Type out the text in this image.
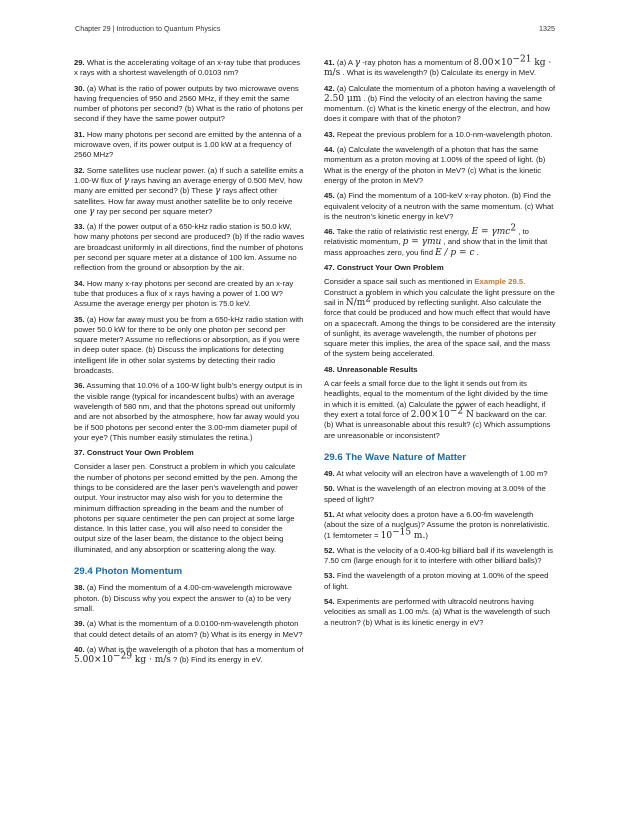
Chapter 29 | Introduction to Quantum Physics	1325

29. What is the accelerating voltage of an x-ray tube that produces x rays with a shortest wavelength of 0.0103 nm?

30. (a) What is the ratio of power outputs by two microwave ovens having frequencies of 950 and 2560 MHz, if they emit the same number of photons per second? (b) What is the ratio of photons per second if they have the same power output?

31. How many photons per second are emitted by the antenna of a microwave oven, if its power output is 1.00 kW at a frequency of 2560 MHz?

32. Some satellites use nuclear power. (a) If such a satellite emits a 1.00-W flux of γ rays having an average energy of 0.500 MeV, how many are emitted per second? (b) These γ rays affect other satellites. How far away must another satellite be to only receive one γ ray per second per square meter?

33. (a) If the power output of a 650-kHz radio station is 50.0 kW, how many photons per second are produced? (b) If the radio waves are broadcast uniformly in all directions, find the number of photons per second per square meter at a distance of 100 km. Assume no reflection from the ground or absorption by the air.

34. How many x-ray photons per second are created by an x-ray tube that produces a flux of x rays having a power of 1.00 W? Assume the average energy per photon is 75.0 keV.

35. (a) How far away must you be from a 650-kHz radio station with power 50.0 kW for there to be only one photon per second per square meter? Assume no reflections or absorption, as if you were in deep outer space. (b) Discuss the implications for detecting intelligent life in other solar systems by detecting their radio broadcasts.

36. Assuming that 10.0% of a 100-W light bulb’s energy output is in the visible range (typical for incandescent bulbs) with an average wavelength of 580 nm, and that the photons spread out uniformly and are not absorbed by the atmosphere, how far away would you be if 500 photons per second enter the 3.00-mm diameter pupil of your eye? (This number easily stimulates the retina.)

37. Construct Your Own Problem

Consider a laser pen. Construct a problem in which you calculate the number of photons per second emitted by the pen. Among the things to be considered are the laser pen’s wavelength and power output. Your instructor may also wish for you to determine the minimum diffraction spreading in the beam and the number of photons per square centimeter the pen can project at some large distance. In this latter case, you will also need to consider the output size of the laser beam, the distance to the object being illuminated, and any absorption or scattering along the way.

29.4 Photon Momentum

38. (a) Find the momentum of a 4.00-cm-wavelength microwave photon. (b) Discuss why you expect the answer to (a) to be very small.

39. (a) What is the momentum of a 0.0100-nm-wavelength photon that could detect details of an atom? (b) What is its energy in MeV?

40. (a) What is the wavelength of a photon that has a momentum of $5.00\times 10^{-29}$ kg · m/s ? (b) Find its energy in eV.

41. (a) A γ -ray photon has a momentum of $8.00\times 10^{-21}$ kg · m/s . What is its wavelength? (b) Calculate its energy in MeV.

42. (a) Calculate the momentum of a photon having a wavelength of 2.50 μm . (b) Find the velocity of an electron having the same momentum. (c) What is the kinetic energy of the electron, and how does it compare with that of the photon?

43. Repeat the previous problem for a 10.0-nm-wavelength photon.

44. (a) Calculate the wavelength of a photon that has the same momentum as a proton moving at 1.00% of the speed of light. (b) What is the energy of the photon in MeV? (c) What is the kinetic energy of the proton in MeV?

45. (a) Find the momentum of a 100-keV x-ray photon. (b) Find the equivalent velocity of a neutron with the same momentum. (c) What is the neutron’s kinetic energy in keV?

46. Take the ratio of relativistic rest energy, E = γmc$^2$ , to relativistic momentum, p = γmu , and show that in the limit that mass approaches zero, you find E / p = c .

47. Construct Your Own Problem

Consider a space sail such as mentioned in Example 29.5. Construct a problem in which you calculate the light pressure on the sail in $N/m^2$ produced by reflecting sunlight. Also calculate the force that could be produced and how much effect that would have on a spacecraft. Among the things to be considered are the intensity of sunlight, its average wavelength, the number of photons per square meter this implies, the area of the space sail, and the mass of the system being accelerated.

48. Unreasonable Results

A car feels a small force due to the light it sends out from its headlights, equal to the momentum of the light divided by the time in which it is emitted. (a) Calculate the power of each headlight, if they exert a total force of $2.00\times 10^{-2}$ N backward on the car. (b) What is unreasonable about this result? (c) Which assumptions are unreasonable or inconsistent?

29.6 The Wave Nature of Matter

49. At what velocity will an electron have a wavelength of 1.00 m?

50. What is the wavelength of an electron moving at 3.00% of the speed of light?

51. At what velocity does a proton have a 6.00-fm wavelength (about the size of a nucleus)? Assume the proton is nonrelativistic. (1 femtometer = $10^{-15}$ m.)

52. What is the velocity of a 0.400-kg billiard ball if its wavelength is 7.50 cm (large enough for it to interfere with other billiard balls)?

53. Find the wavelength of a proton moving at 1.00% of the speed of light.

54. Experiments are performed with ultracold neutrons having velocities as small as 1.00 m/s. (a) What is the wavelength of such a neutron? (b) What is its kinetic energy in eV?
